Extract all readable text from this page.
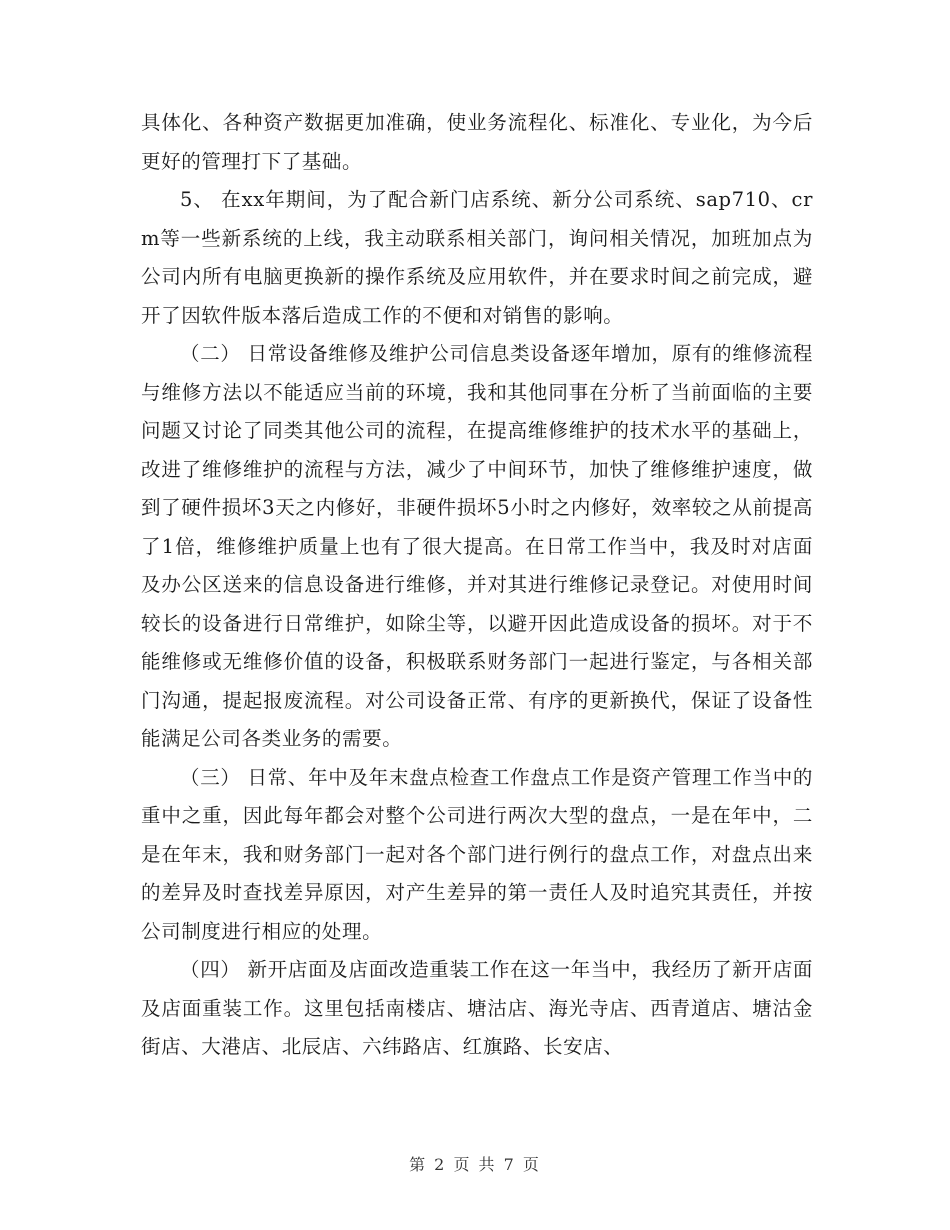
具体化、各种资产数据更加准确，使业务流程化、标准化、专业化，为今后更好的管理打下了基础。

5、 在xx年期间，为了配合新门店系统、新分公司系统、sap710、crm等一些新系统的上线，我主动联系相关部门，询问相关情况，加班加点为公司内所有电脑更换新的操作系统及应用软件，并在要求时间之前完成，避开了因软件版本落后造成工作的不便和对销售的影响。

（二） 日常设备维修及维护公司信息类设备逐年增加，原有的维修流程与维修方法以不能适应当前的环境，我和其他同事在分析了当前面临的主要问题又讨论了同类其他公司的流程，在提高维修维护的技术水平的基础上，改进了维修维护的流程与方法，减少了中间环节，加快了维修维护速度，做到了硬件损坏3天之内修好，非硬件损坏5小时之内修好，效率较之从前提高了1倍，维修维护质量上也有了很大提高。在日常工作当中，我及时对店面及办公区送来的信息设备进行维修，并对其进行维修记录登记。对使用时间较长的设备进行日常维护，如除尘等，以避开因此造成设备的损坏。对于不能维修或无维修价值的设备，积极联系财务部门一起进行鉴定，与各相关部门沟通，提起报废流程。对公司设备正常、有序的更新换代，保证了设备性能满足公司各类业务的需要。

（三） 日常、年中及年末盘点检查工作盘点工作是资产管理工作当中的重中之重，因此每年都会对整个公司进行两次大型的盘点，一是在年中，二是在年末，我和财务部门一起对各个部门进行例行的盘点工作，对盘点出来的差异及时查找差异原因，对产生差异的第一责任人及时追究其责任，并按公司制度进行相应的处理。

（四） 新开店面及店面改造重装工作在这一年当中，我经历了新开店面及店面重装工作。这里包括南楼店、塘沽店、海光寺店、西青道店、塘沽金街店、大港店、北辰店、六纬路店、红旗路、长安店、

第 2 页 共 7 页
